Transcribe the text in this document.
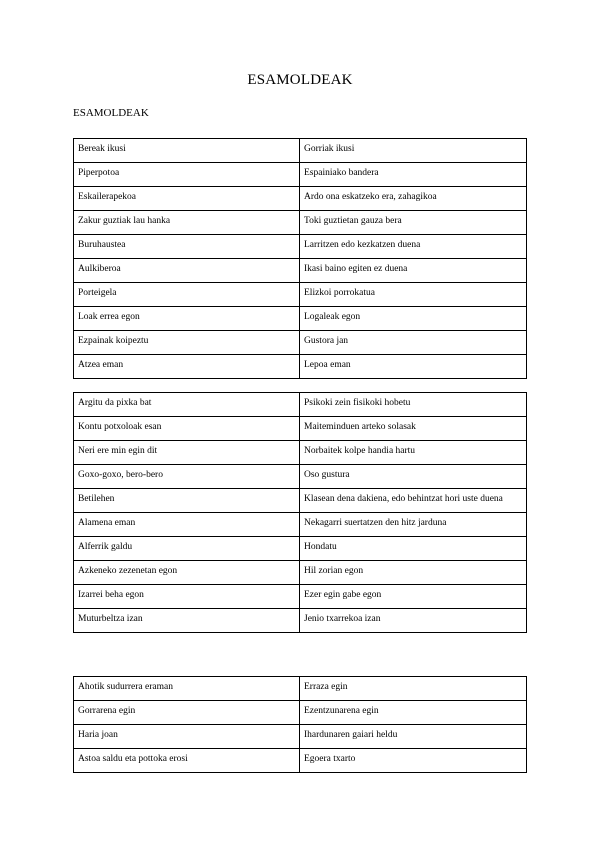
ESAMOLDEAK
ESAMOLDEAK
Bereak ikusi	Gorriak ikusi
Piperpotoa	Espainiako bandera
Eskailerapekoa	Ardo ona eskatzeko era, zahagikoa
Zakur guztiak lau hanka	Toki guztietan gauza bera
Buruhaustea	Larritzen edo kezkatzen duena
Aulkiberoa	Ikasi baino egiten ez duena
Porteigela	Elizkoi porrokatua
Loak errea egon	Logaleak egon
Ezpainak koipeztu	Gustora jan
Atzea eman	Lepoa eman
Argitu da pixka bat	Psikoki zein fisikoki hobetu
Kontu potxoloak esan	Maiteminduen arteko solasak
Neri ere min egin dit	Norbaitek kolpe handia hartu
Goxo-goxo, bero-bero	Oso gustura
Betilehen	Klasean dena dakiena, edo behintzat hori uste duena
Alamena eman	Nekagarri suertatzen den hitz jarduna
Alferrik galdu	Hondatu
Azkeneko zezenetan egon	Hil zorian egon
Izarrei beha egon	Ezer egin gabe egon
Muturbeltza izan	Jenio txarrekoa izan
Ahotik sudurrera eraman	Erraza egin
Gorrarena egin	Ezentzunarena egin
Haria joan	Ihardunaren gaiari heldu
Astoa saldu eta pottoka erosi	Egoera txarto
